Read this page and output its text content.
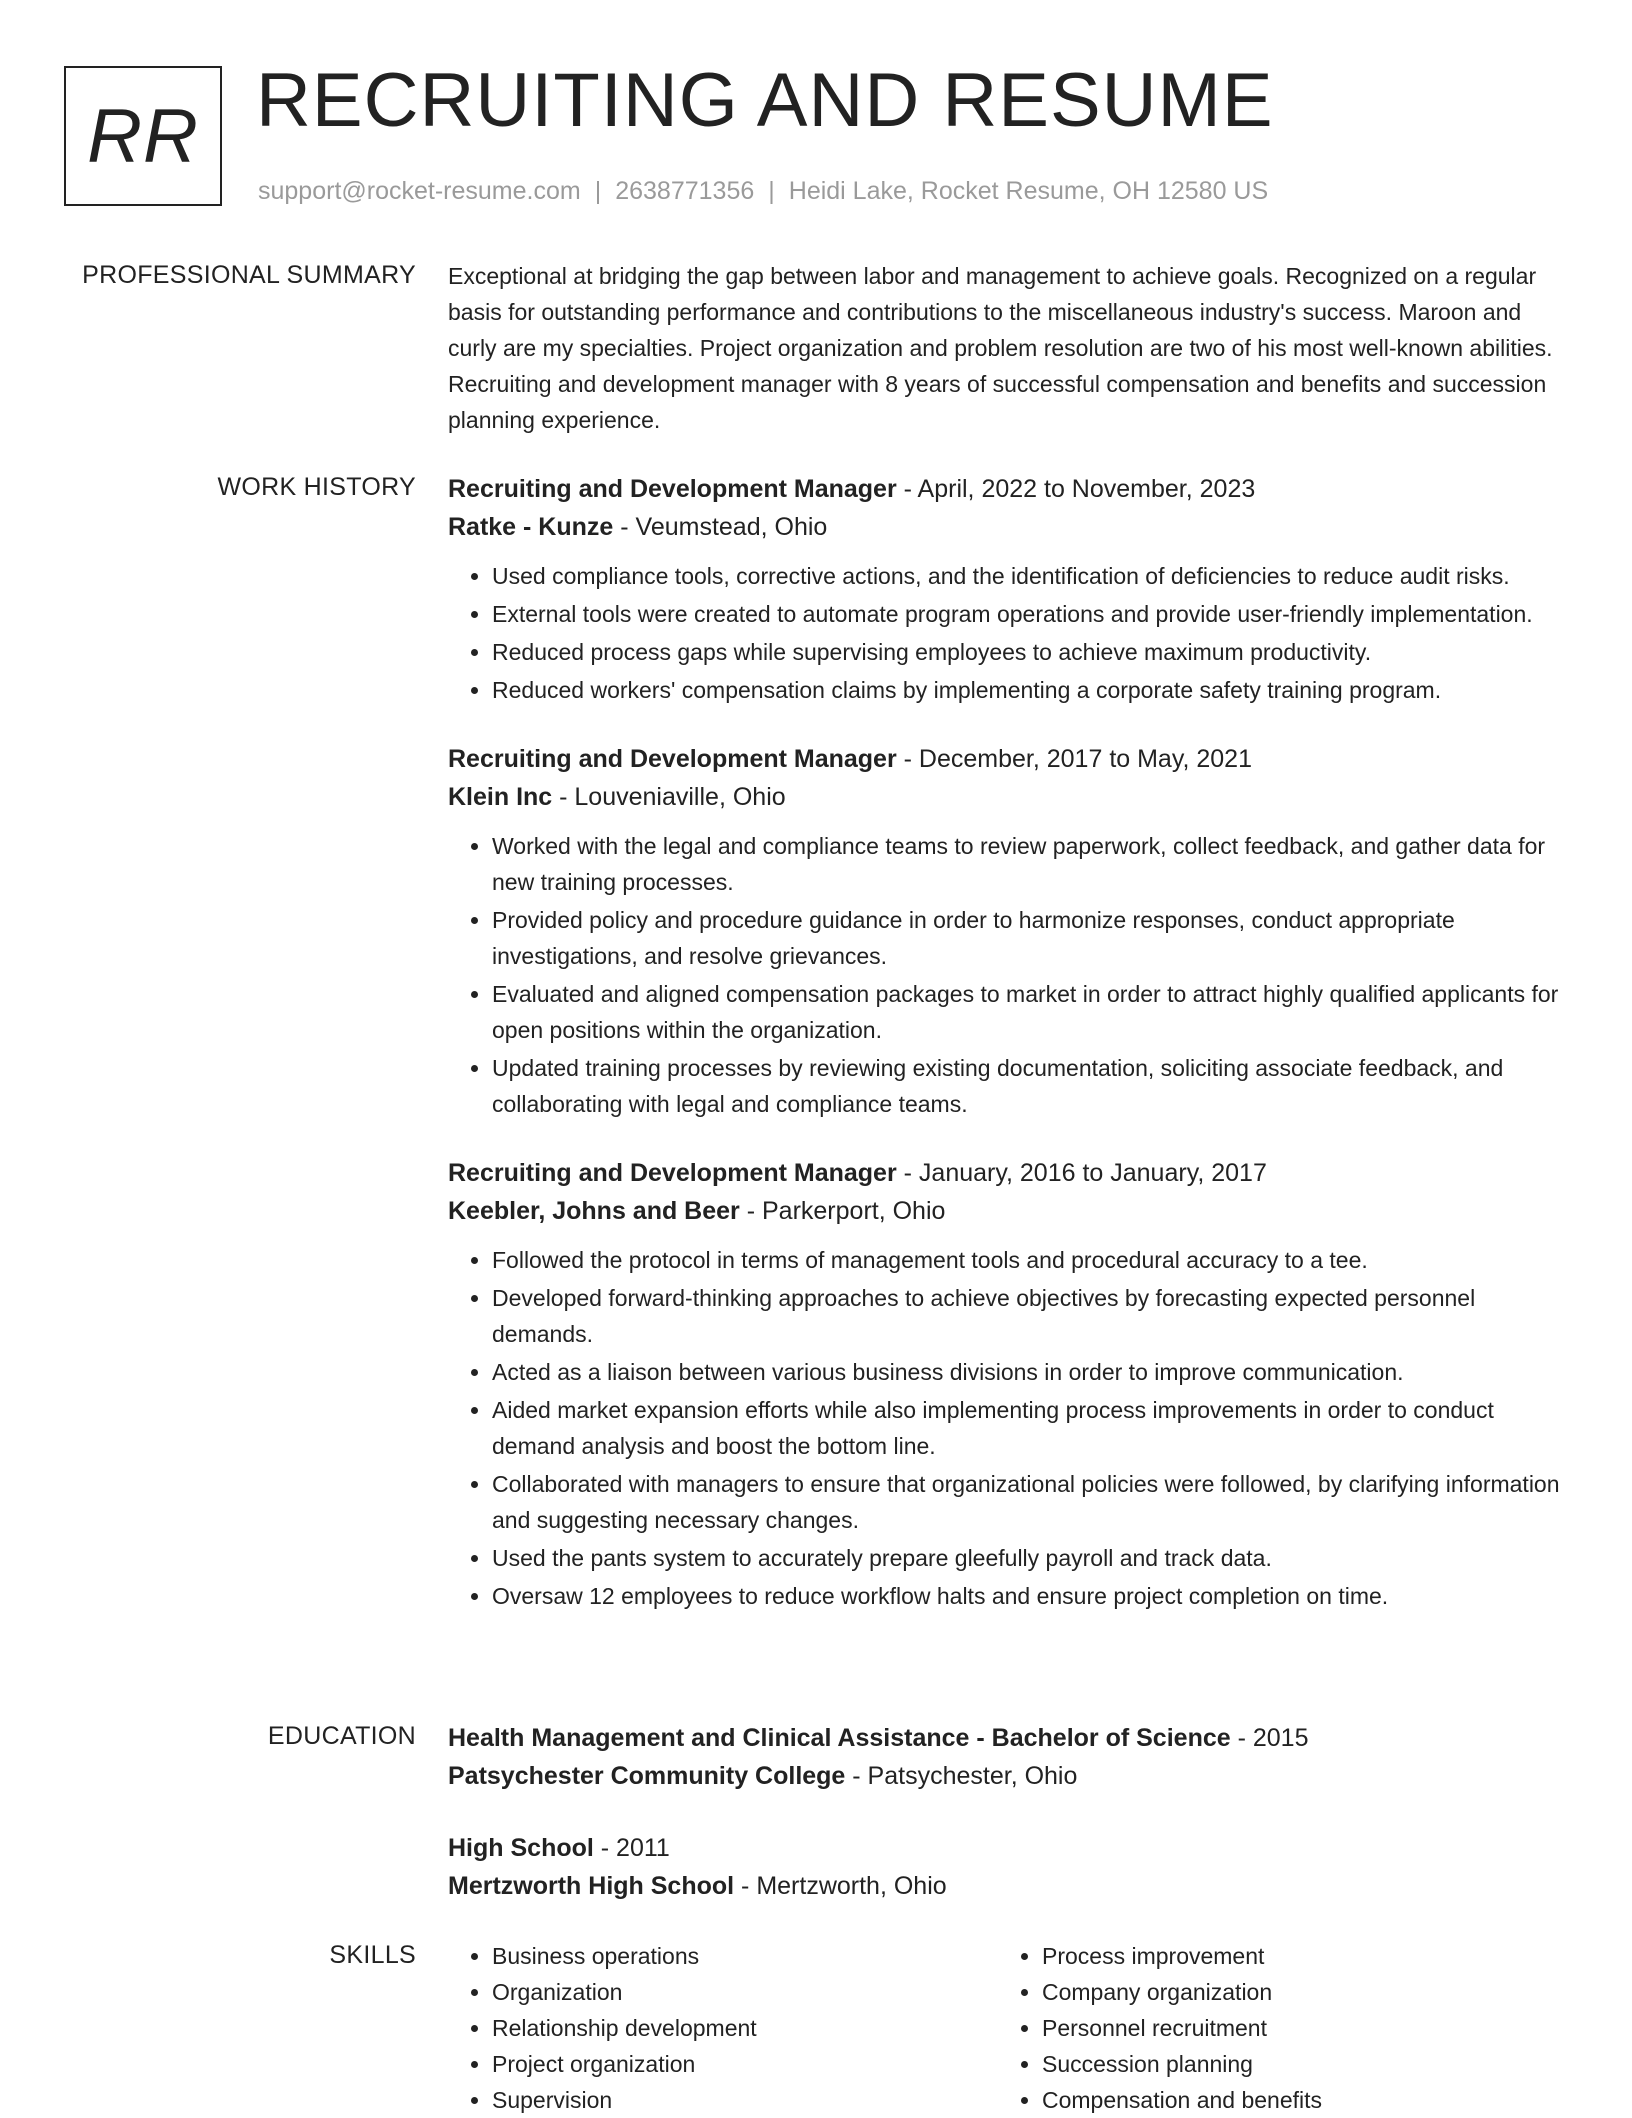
RR RECRUITING AND RESUME
support@rocket-resume.com | 2638771356 | Heidi Lake, Rocket Resume, OH 12580 US
PROFESSIONAL SUMMARY Exceptional at bridging the gap between labor and management to achieve goals. Recognized on a regular basis for outstanding performance and contributions to the miscellaneous industry's success. Maroon and curly are my specialties. Project organization and problem resolution are two of his most well-known abilities. Recruiting and development manager with 8 years of successful compensation and benefits and succession planning experience.

WORK HISTORY Recruiting and Development Manager - April, 2022 to November, 2023
Ratke - Kunze - Veumstead, Ohio
• Used compliance tools, corrective actions, and the identification of deficiencies to reduce audit risks.
• External tools were created to automate program operations and provide user-friendly implementation.
• Reduced process gaps while supervising employees to achieve maximum productivity.
• Reduced workers' compensation claims by implementing a corporate safety training program.
Recruiting and Development Manager - December, 2017 to May, 2021
Klein Inc - Louveniaville, Ohio
• Worked with the legal and compliance teams to review paperwork, collect feedback, and gather data for new training processes.
• Provided policy and procedure guidance in order to harmonize responses, conduct appropriate investigations, and resolve grievances.
• Evaluated and aligned compensation packages to market in order to attract highly qualified applicants for open positions within the organization.
• Updated training processes by reviewing existing documentation, soliciting associate feedback, and collaborating with legal and compliance teams.
Recruiting and Development Manager - January, 2016 to January, 2017
Keebler, Johns and Beer - Parkerport, Ohio
• Followed the protocol in terms of management tools and procedural accuracy to a tee.
• Developed forward-thinking approaches to achieve objectives by forecasting expected personnel demands.
• Acted as a liaison between various business divisions in order to improve communication.
• Aided market expansion efforts while also implementing process improvements in order to conduct demand analysis and boost the bottom line.
• Collaborated with managers to ensure that organizational policies were followed, by clarifying information and suggesting necessary changes.
• Used the pants system to accurately prepare gleefully payroll and track data.
• Oversaw 12 employees to reduce workflow halts and ensure project completion on time.
EDUCATION Health Management and Clinical Assistance - Bachelor of Science - 2015
Patsychester Community College - Patsychester, Ohio
High School - 2011
Mertzworth High School - Mertzworth, Ohio
SKILLS
•	Business operations
• Organization
• Relationship development
• Project organization
• Supervision
• Process improvement
• Company organization
• Personnel recruitment
• Succession planning
• Compensation and benefits
